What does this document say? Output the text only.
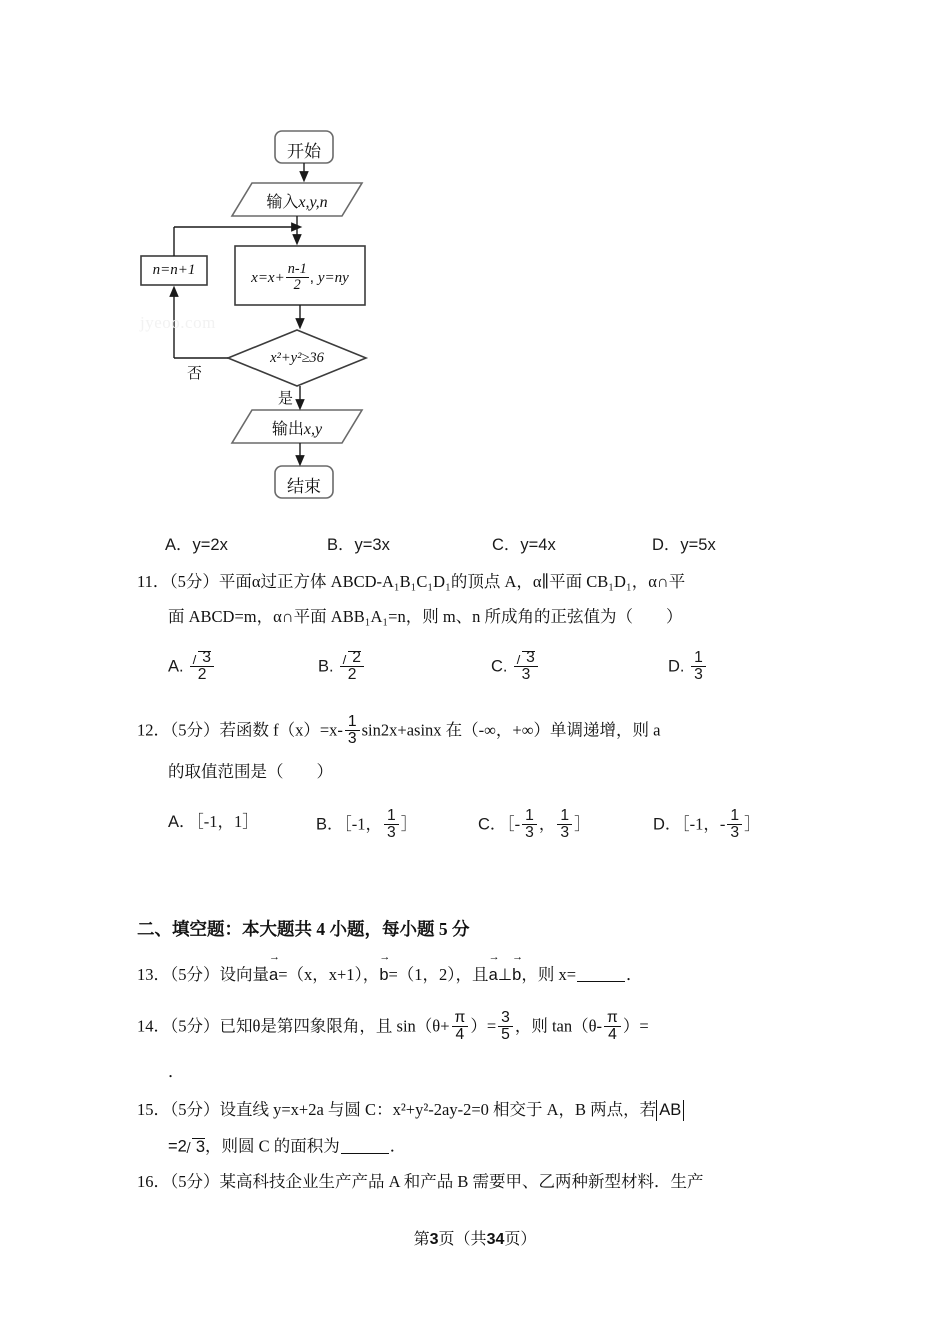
开始
输入x,y,n
$x=x+ \frac{n-1}{2}$ , y=ny
n=n+1
x²+y²≥36
输出x,y
结束
否
是
jyeoo.com
A．y=2x	B．y=3x	C．y=4x	D．y=5x
11．（5分）平面α过正方体 ABCD‑A₁B₁C₁D₁的顶点 A，α∥平面 CB₁D₁，α∩平
面 ABCD=m，α∩平面 ABB₁A₁=n，则 m、n 所成角的正弦值为（　　）
A. $\frac{3}{2}$	B. $\frac{2}{2}$	C. $\frac{3}{3}$	D. $\frac{1}{3}$
12．（5分）若函数 f（x）=x‑ $\frac{1}{3} \sin 2x+asinx$ 在（‑∞，+∞）单调递增，则 a
的取值范围是（　　）
A．［‑1，1］	B．［‑1， $\frac{1}{3}$ ］	C．［‑ $\frac{1}{3}$ ， $\frac{1}{3}$ ］	D．［‑1，‑ $\frac{1}{3}$ ］
二、填空题：本大题共 4 小题，每小题 5 分
13．（5分）设向量a →=（x，x+1），b →=（1，2），且a →⊥b →，则 x=	．
14．（5分）已知θ是第四象限角，且 $\sin(\theta+ \frac{\pi}{4}$ ）= $\frac{3}{5}$ ，则 tan（θ‑ $\frac{\pi}{4}$ ）=
．
15．（5分）设直线 y=x+2a 与圆 C：x²+y²‑2ay‑2=0 相交于 A，B 两点，若 AB
=2 3，则圆 C 的面积为	．
16．（5分）某高科技企业生产产品 A 和产品 B 需要甲、乙两种新型材料．生产
第3页（共34页）
